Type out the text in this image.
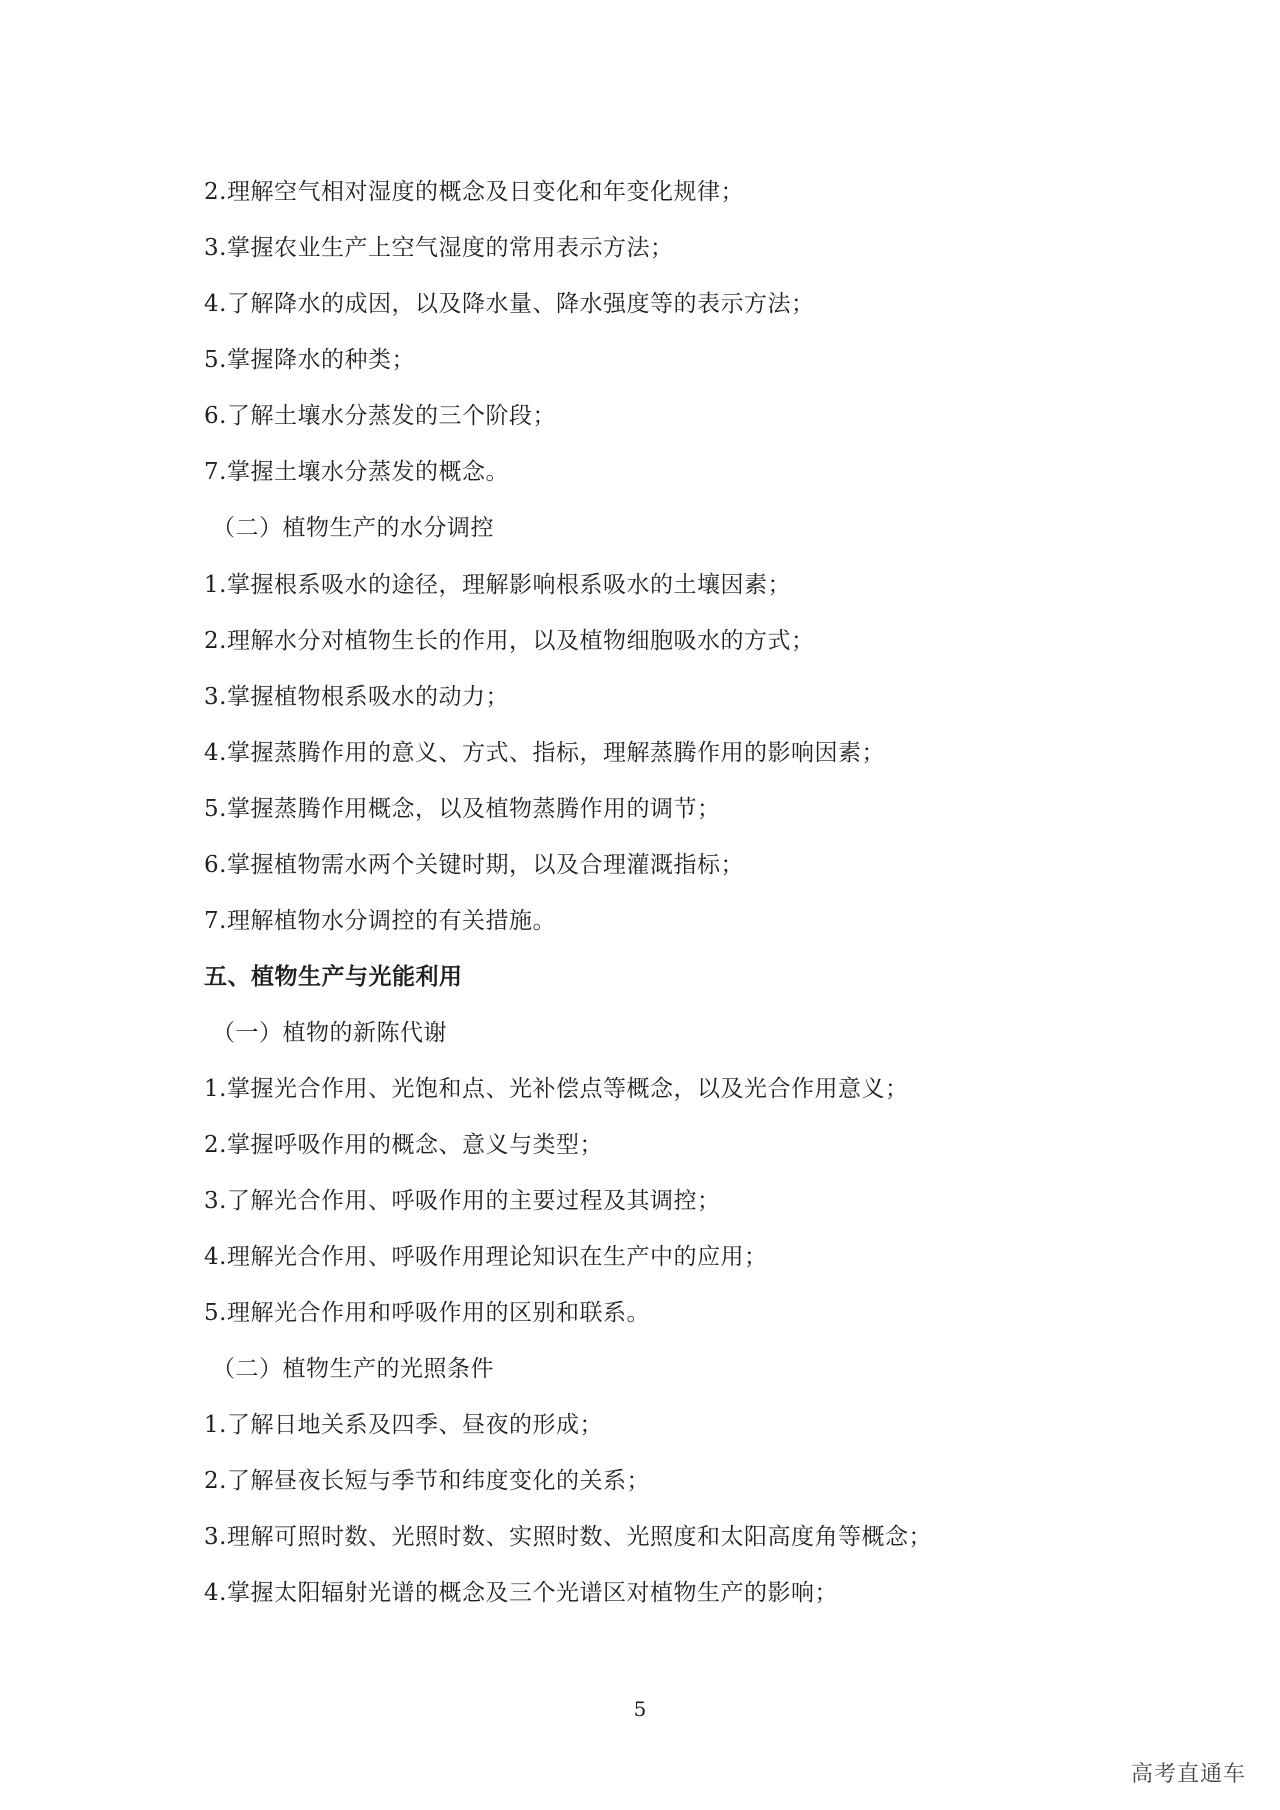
2.理解空气相对湿度的概念及日变化和年变化规律；
3.掌握农业生产上空气湿度的常用表示方法；
4.了解降水的成因，以及降水量、降水强度等的表示方法；
5.掌握降水的种类；
6.了解土壤水分蒸发的三个阶段；
7.掌握土壤水分蒸发的概念。
（二）植物生产的水分调控
1.掌握根系吸水的途径，理解影响根系吸水的土壤因素；
2.理解水分对植物生长的作用，以及植物细胞吸水的方式；
3.掌握植物根系吸水的动力；
4.掌握蒸腾作用的意义、方式、指标，理解蒸腾作用的影响因素；
5.掌握蒸腾作用概念，以及植物蒸腾作用的调节；
6.掌握植物需水两个关键时期，以及合理灌溉指标；
7.理解植物水分调控的有关措施。
五、植物生产与光能利用
（一）植物的新陈代谢
1.掌握光合作用、光饱和点、光补偿点等概念，以及光合作用意义；
2.掌握呼吸作用的概念、意义与类型；
3.了解光合作用、呼吸作用的主要过程及其调控；
4.理解光合作用、呼吸作用理论知识在生产中的应用；
5.理解光合作用和呼吸作用的区别和联系。
（二）植物生产的光照条件
1.了解日地关系及四季、昼夜的形成；
2.了解昼夜长短与季节和纬度变化的关系；
3.理解可照时数、光照时数、实照时数、光照度和太阳高度角等概念；
4.掌握太阳辐射光谱的概念及三个光谱区对植物生产的影响；
5
高考直通车
